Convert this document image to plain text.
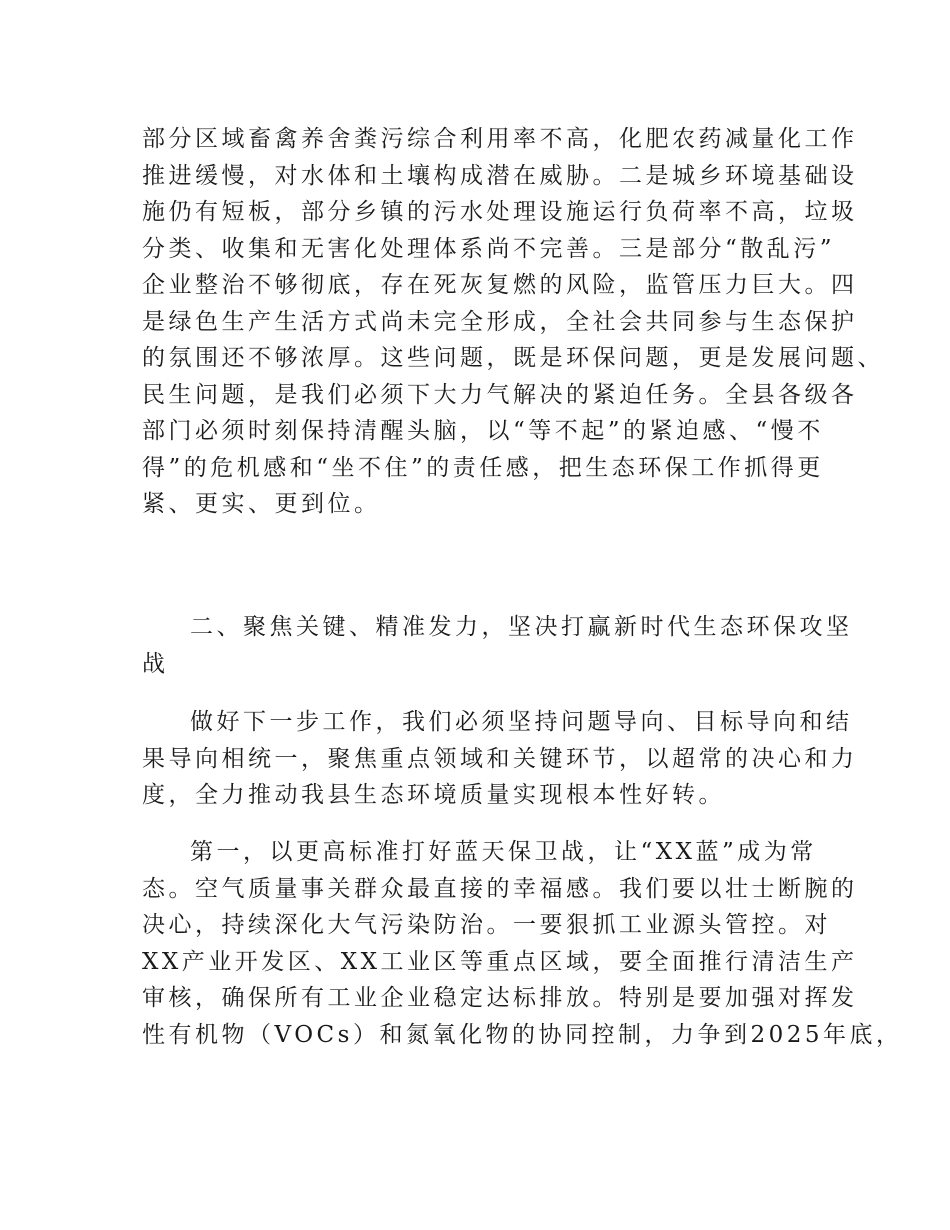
部分区域畜禽养舍粪污综合利用率不高，化肥农药减量化工作
推进缓慢，对水体和土壤构成潜在威胁。二是城乡环境基础设
施仍有短板，部分乡镇的污水处理设施运行负荷率不高，垃圾
分类、收集和无害化处理体系尚不完善。三是部分“散乱污”
企业整治不够彻底，存在死灰复燃的风险，监管压力巨大。四
是绿色生产生活方式尚未完全形成，全社会共同参与生态保护
的氛围还不够浓厚。这些问题，既是环保问题，更是发展问题、
民生问题，是我们必须下大力气解决的紧迫任务。全县各级各
部门必须时刻保持清醒头脑，以“等不起”的紧迫感、“慢不
得”的危机感和“坐不住”的责任感，把生态环保工作抓得更
紧、更实、更到位。
二、聚焦关键、精准发力，坚决打赢新时代生态环保攻坚
战
做好下一步工作，我们必须坚持问题导向、目标导向和结
果导向相统一，聚焦重点领域和关键环节，以超常的决心和力
度，全力推动我县生态环境质量实现根本性好转。
第一，以更高标准打好蓝天保卫战，让“XX蓝”成为常
态。空气质量事关群众最直接的幸福感。我们要以壮士断腕的
决心，持续深化大气污染防治。一要狠抓工业源头管控。对
XX产业开发区、XX工业区等重点区域，要全面推行清洁生产
审核，确保所有工业企业稳定达标排放。特别是要加强对挥发
性有机物（VOCs）和氮氧化物的协同控制，力争到2025年底，
